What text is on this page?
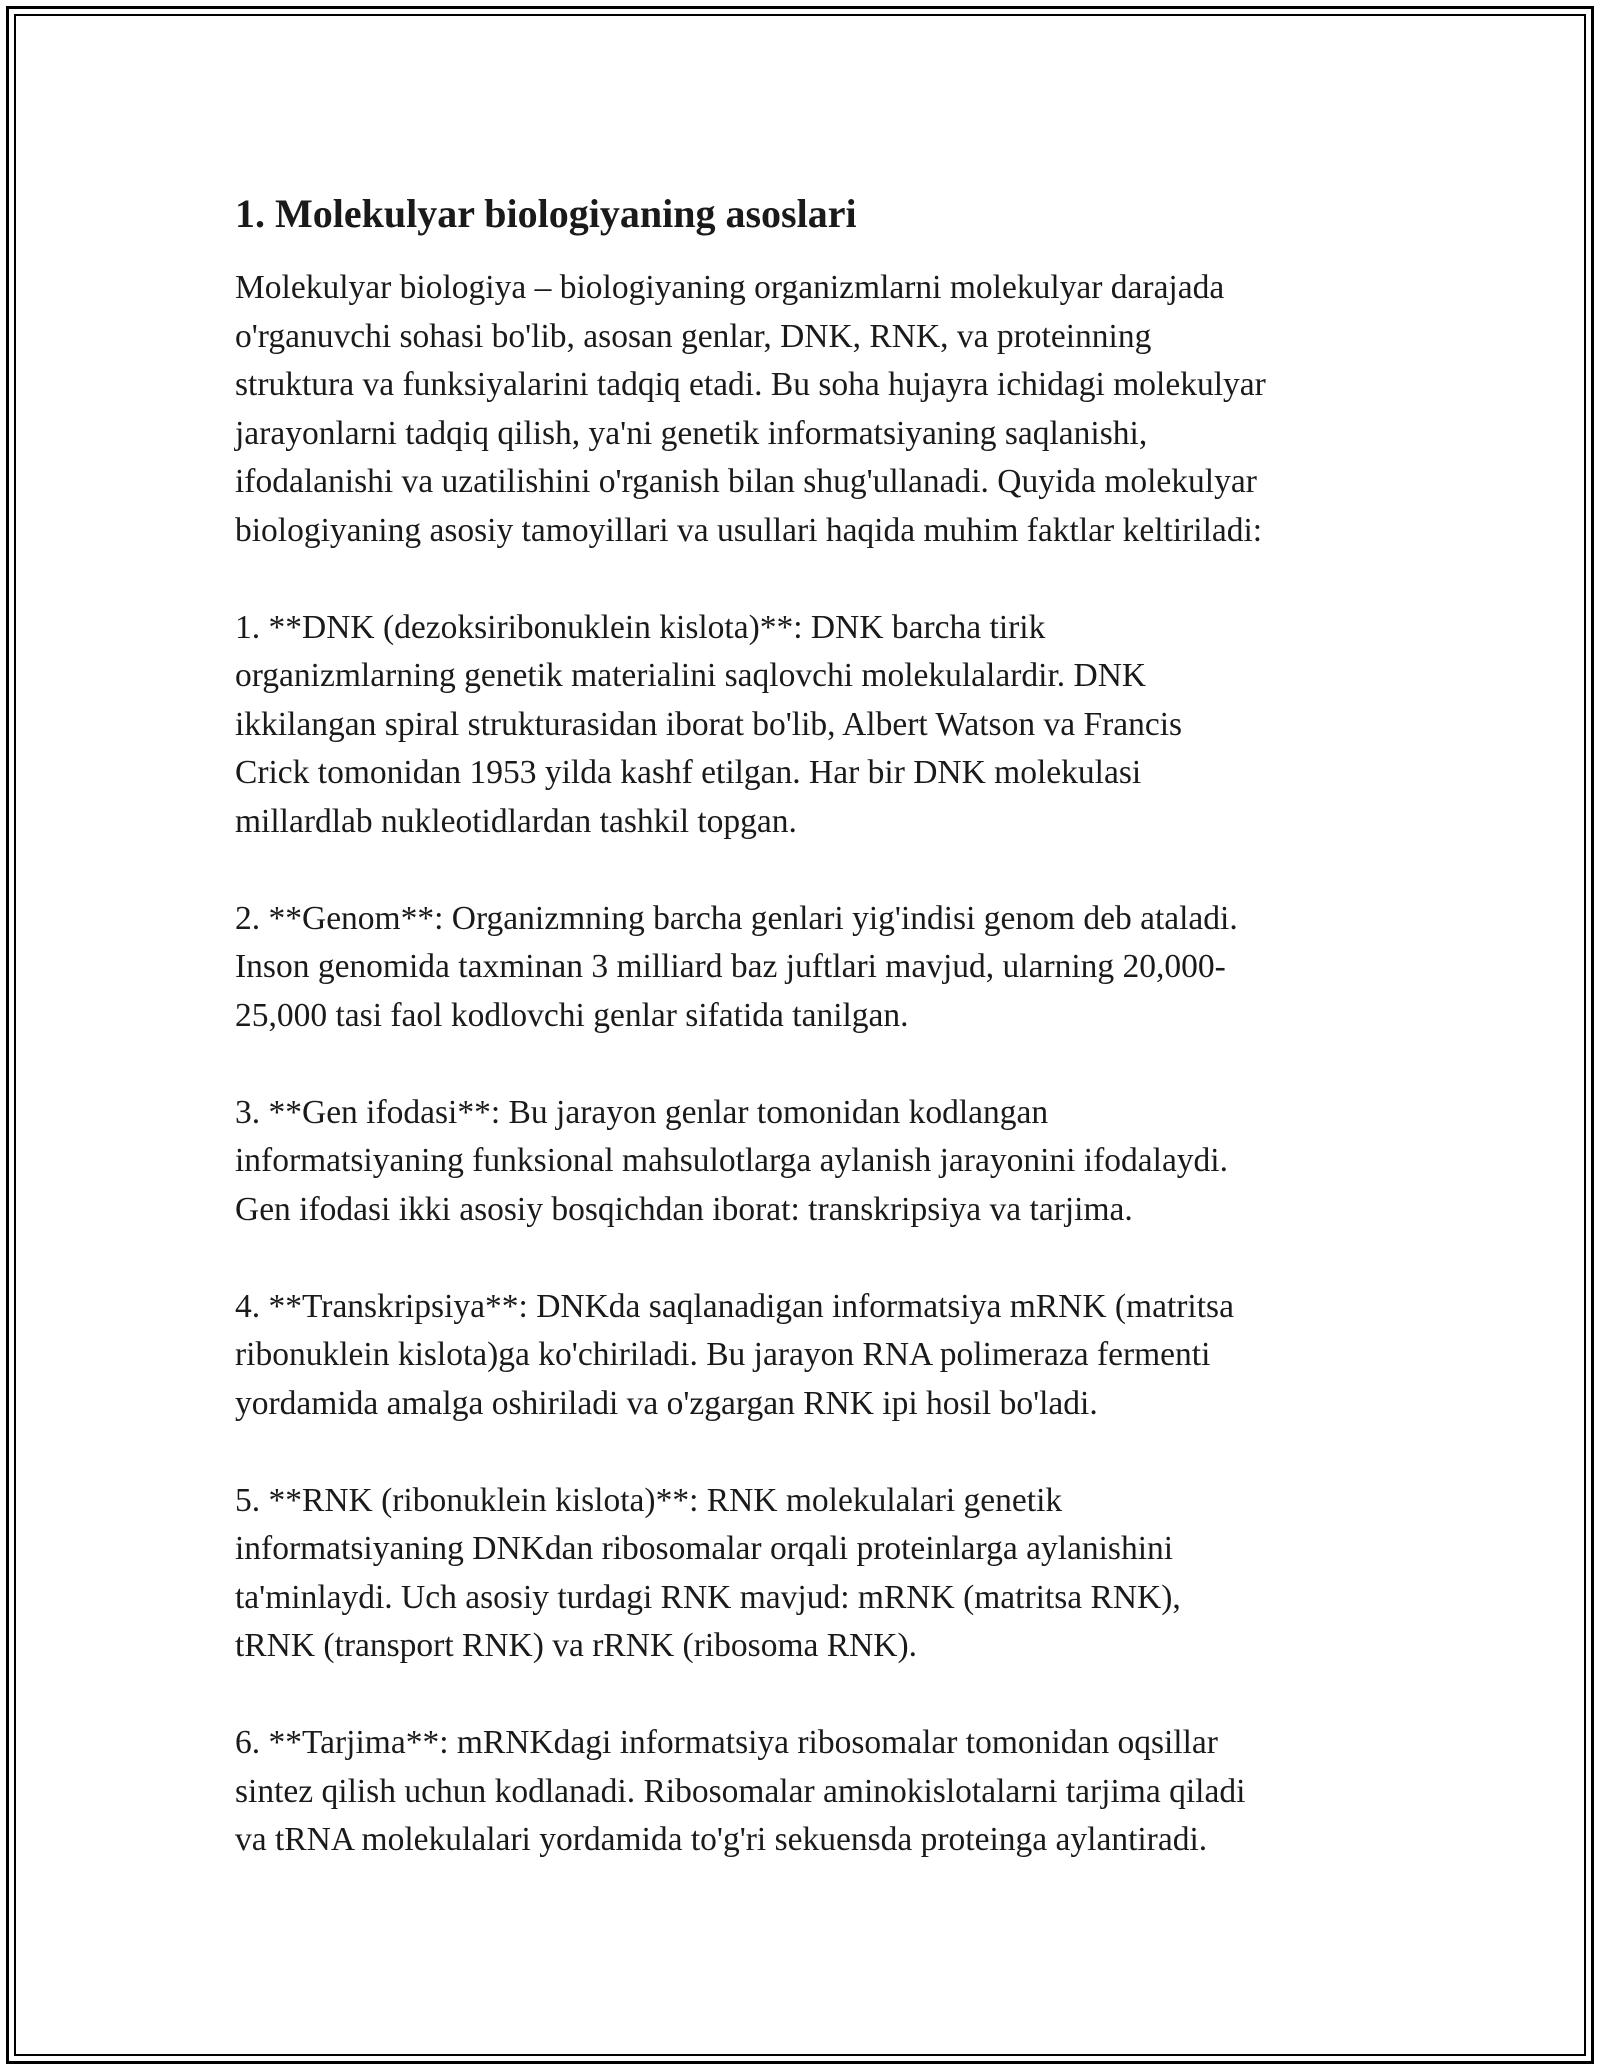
1. Molekulyar biologiyaning asoslari

Molekulyar biologiya – biologiyaning organizmlarni molekulyar darajada
o'rganuvchi sohasi bo'lib, asosan genlar, DNK, RNK, va proteinning
struktura va funksiyalarini tadqiq etadi. Bu soha hujayra ichidagi molekulyar
jarayonlarni tadqiq qilish, ya'ni genetik informatsiyaning saqlanishi,
ifodalanishi va uzatilishini o'rganish bilan shug'ullanadi. Quyida molekulyar
biologiyaning asosiy tamoyillari va usullari haqida muhim faktlar keltiriladi:

1. **DNK (dezoksiribonuklein kislota)**: DNK barcha tirik
organizmlarning genetik materialini saqlovchi molekulalardir. DNK
ikkilangan spiral strukturasidan iborat bo'lib, Albert Watson va Francis
Crick tomonidan 1953 yilda kashf etilgan. Har bir DNK molekulasi
millardlab nukleotidlardan tashkil topgan.

2. **Genom**: Organizmning barcha genlari yig'indisi genom deb ataladi.
Inson genomida taxminan 3 milliard baz juftlari mavjud, ularning 20,000-
25,000 tasi faol kodlovchi genlar sifatida tanilgan.

3. **Gen ifodasi**: Bu jarayon genlar tomonidan kodlangan
informatsiyaning funksional mahsulotlarga aylanish jarayonini ifodalaydi.
Gen ifodasi ikki asosiy bosqichdan iborat: transkripsiya va tarjima.

4. **Transkripsiya**: DNKda saqlanadigan informatsiya mRNK (matritsa
ribonuklein kislota)ga ko'chiriladi. Bu jarayon RNA polimeraza fermenti
yordamida amalga oshiriladi va o'zgargan RNK ipi hosil bo'ladi.

5. **RNK (ribonuklein kislota)**: RNK molekulalari genetik
informatsiyaning DNKdan ribosomalar orqali proteinlarga aylanishini
ta'minlaydi. Uch asosiy turdagi RNK mavjud: mRNK (matritsa RNK),
tRNK (transport RNK) va rRNK (ribosoma RNK).

6. **Tarjima**: mRNKdagi informatsiya ribosomalar tomonidan oqsillar
sintez qilish uchun kodlanadi. Ribosomalar aminokislotalarni tarjima qiladi
va tRNA molekulalari yordamida to'g'ri sekuensda proteinga aylantiradi.
